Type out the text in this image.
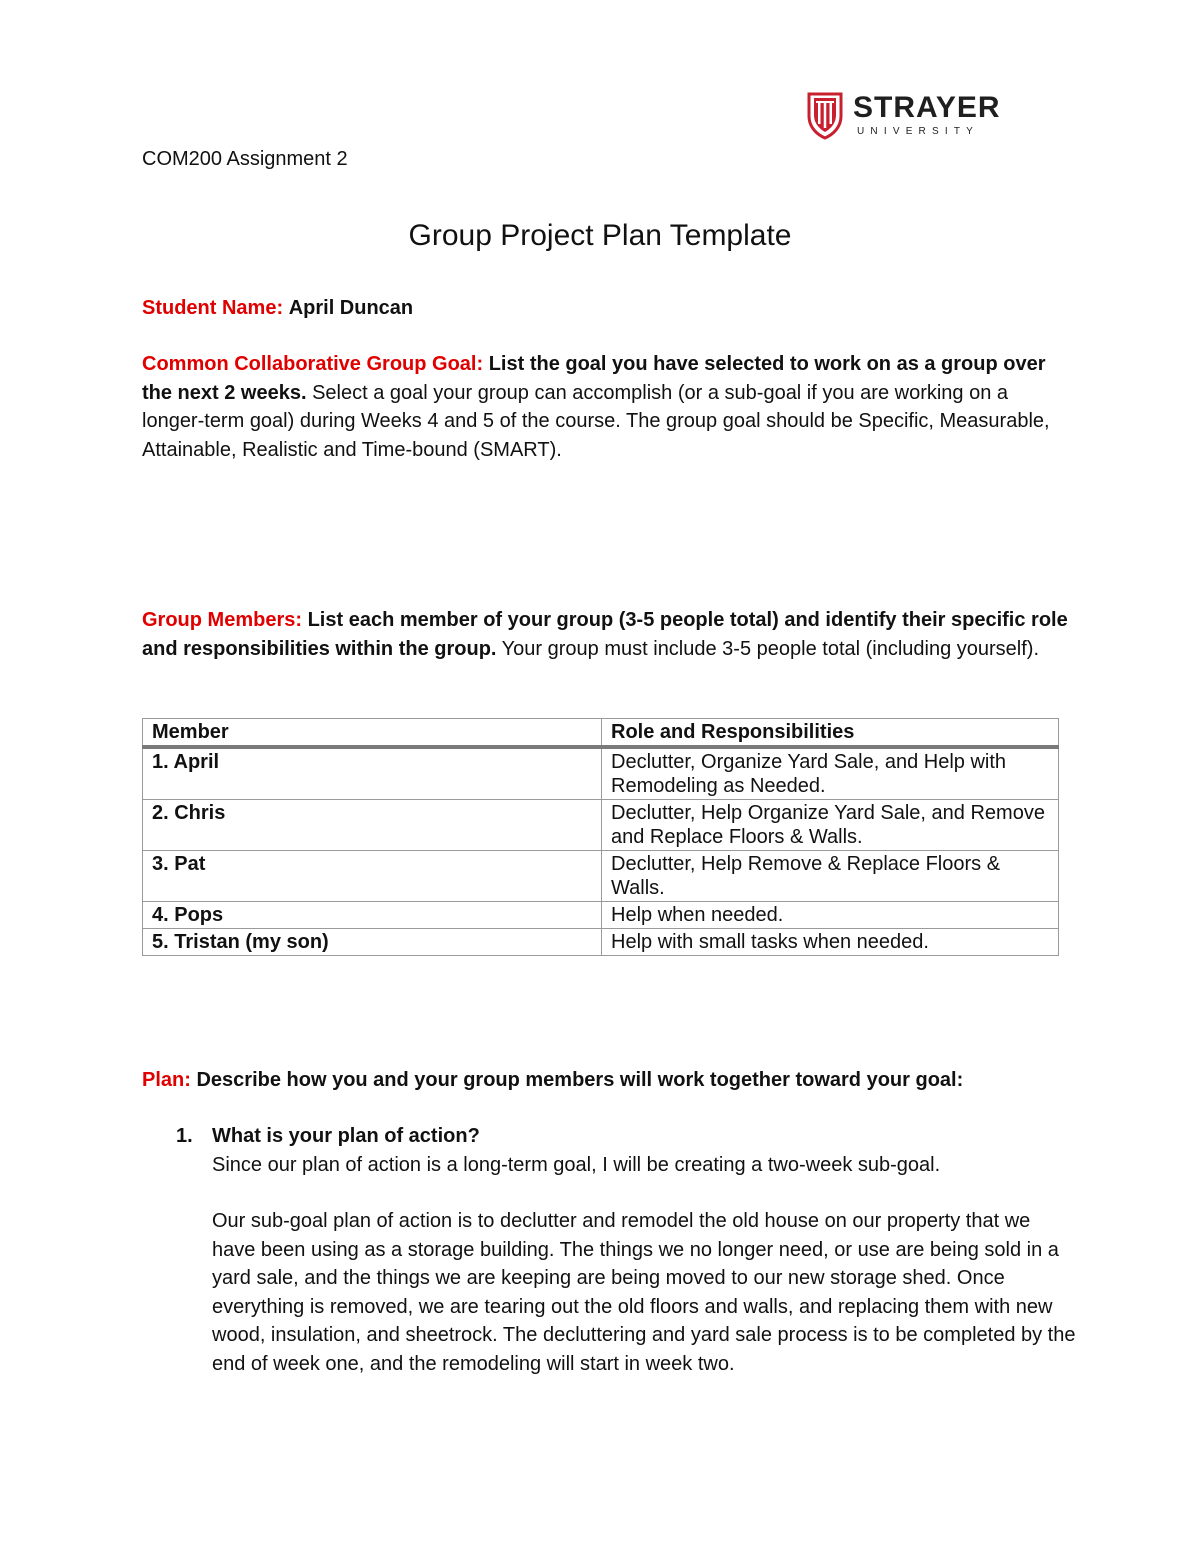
STRAYER
UNIVERSITY
COM200 Assignment 2
Group Project Plan Template
Student Name: April Duncan
Common Collaborative Group Goal: List the goal you have selected to work on as a group over the next 2 weeks. Select a goal your group can accomplish (or a sub-goal if you are working on a longer-term goal) during Weeks 4 and 5 of the course. The group goal should be Specific, Measurable, Attainable, Realistic and Time-bound (SMART).
Group Members: List each member of your group (3-5 people total) and identify their specific role and responsibilities within the group. Your group must include 3-5 people total (including yourself).
Member	Role and Responsibilities
1. April	Declutter, Organize Yard Sale, and Help with Remodeling as Needed.
2. Chris	Declutter, Help Organize Yard Sale, and Remove and Replace Floors & Walls.
3. Pat	Declutter, Help Remove & Replace Floors & Walls.
4. Pops	Help when needed.
5. Tristan (my son)	Help with small tasks when needed.
Plan: Describe how you and your group members will work together toward your goal:
1. What is your plan of action?

Since our plan of action is a long-term goal, I will be creating a two-week sub-goal.

Our sub-goal plan of action is to declutter and remodel the old house on our property that we have been using as a storage building. The things we no longer need, or use are being sold in a yard sale, and the things we are keeping are being moved to our new storage shed. Once everything is removed, we are tearing out the old floors and walls, and replacing them with new wood, insulation, and sheetrock. The decluttering and yard sale process is to be completed by the end of week one, and the remodeling will start in week two.
